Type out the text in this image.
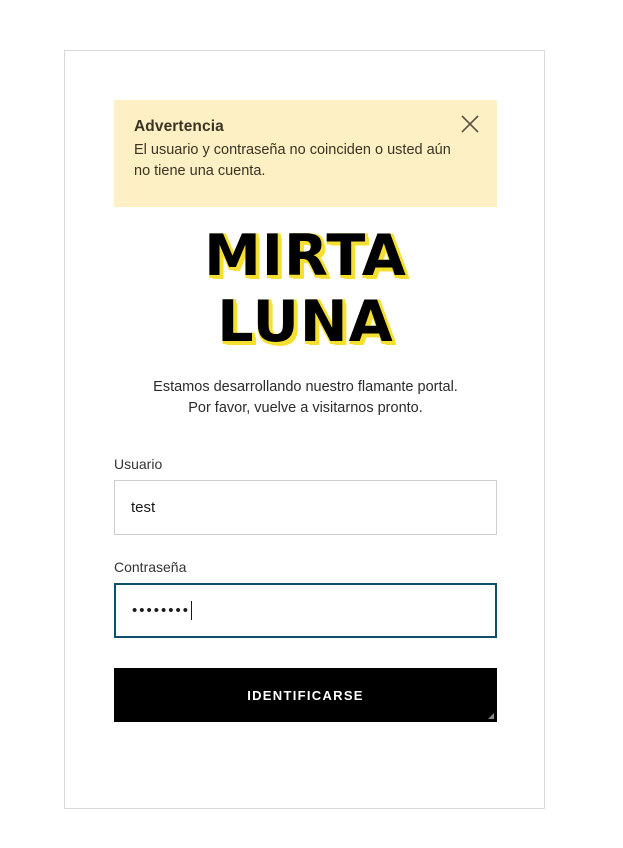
Advertencia
El usuario y contraseña no coinciden o usted aún no tiene una cuenta.
MIRTA
LUNA
Estamos desarrollando nuestro flamante portal.
Por favor, vuelve a visitarnos pronto.
Usuario
test
Contraseña
••••••••
IDENTIFICARSE
